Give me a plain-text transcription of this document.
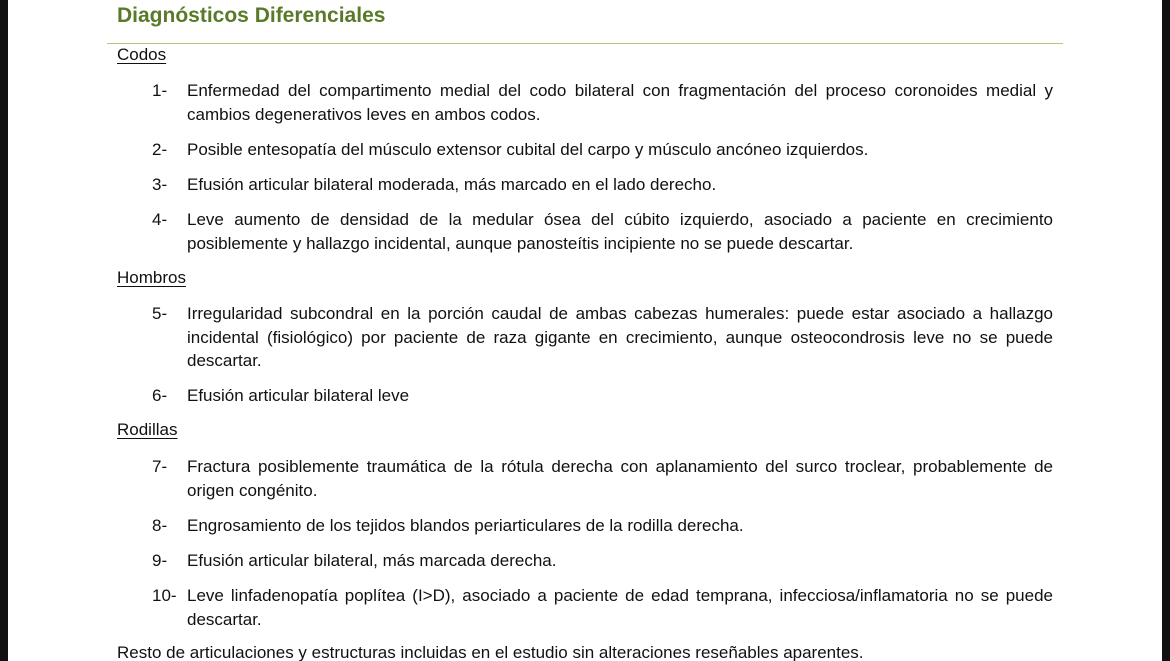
Diagnósticos Diferenciales
Codos
1-	Enfermedad del compartimento medial del codo bilateral con fragmentación del proceso coronoides medial y cambios degenerativos leves en ambos codos.
2-	Posible entesopatía del músculo extensor cubital del carpo y músculo ancóneo izquierdos.
3-	Efusión articular bilateral moderada, más marcado en el lado derecho.
4-	Leve aumento de densidad de la medular ósea del cúbito izquierdo, asociado a paciente en crecimiento posiblemente y hallazgo incidental, aunque panosteítis incipiente no se puede descartar.
Hombros
5-	Irregularidad subcondral en la porción caudal de ambas cabezas humerales: puede estar asociado a hallazgo incidental (fisiológico) por paciente de raza gigante en crecimiento, aunque osteocondrosis leve no se puede descartar.
6-	Efusión articular bilateral leve
Rodillas
7-	Fractura posiblemente traumática de la rótula derecha con aplanamiento del surco troclear, probablemente de origen congénito.
8-	Engrosamiento de los tejidos blandos periarticulares de la rodilla derecha.
9-	Efusión articular bilateral, más marcada derecha.
10- Leve linfadenopatía poplítea (I>D), asociado a paciente de edad temprana, infecciosa/inflamatoria no se puede descartar.
Resto de articulaciones y estructuras incluidas en el estudio sin alteraciones reseñables aparentes.
